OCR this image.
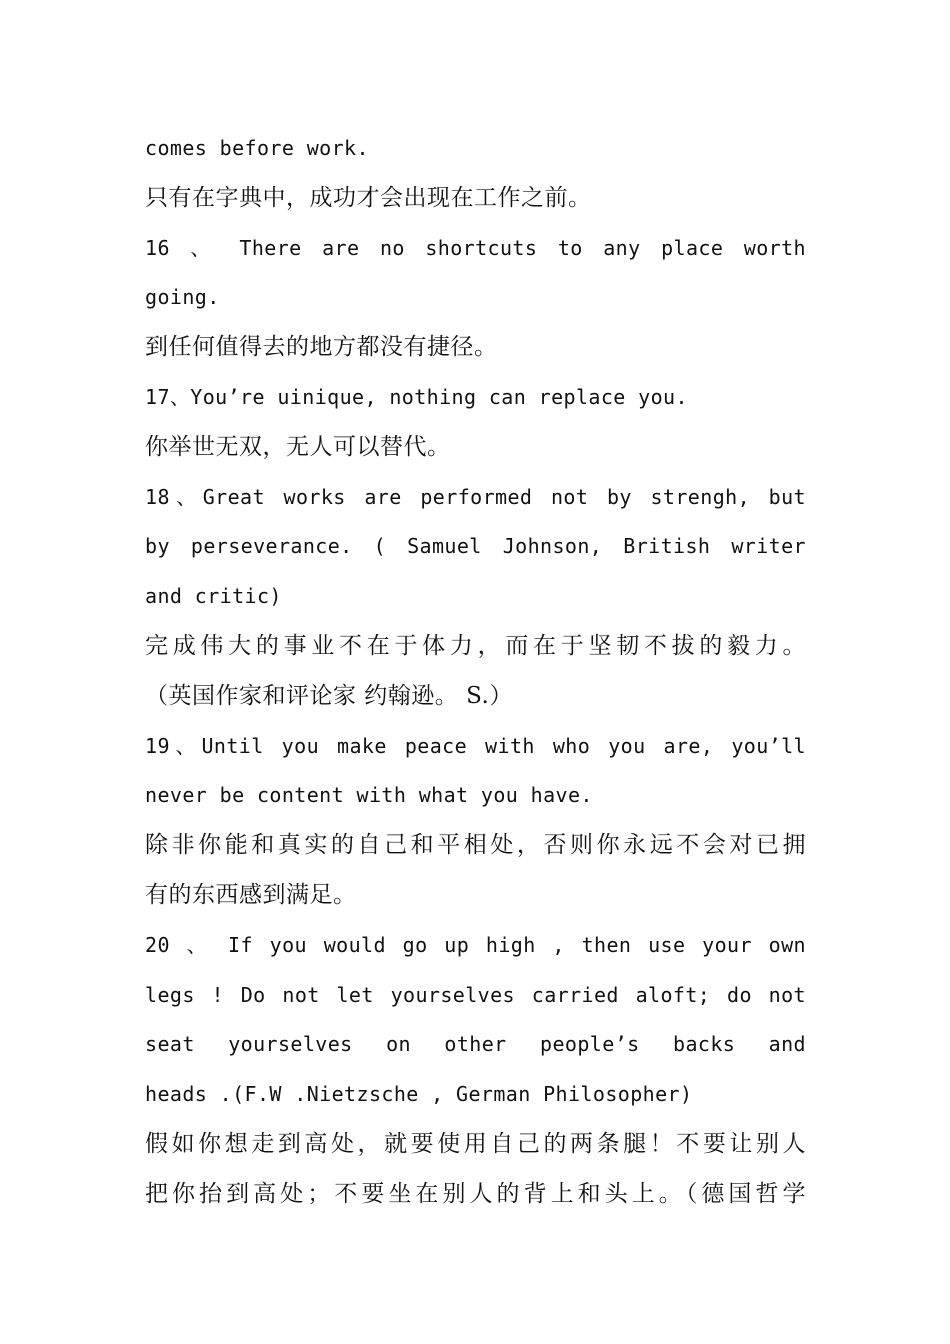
comes before work.
只有在字典中，成功才会出现在工作之前。
16 、 There are no shortcuts to any place worth
going.
到任何值得去的地方都没有捷径。
17、You’re uinique, nothing can replace you.
你举世无双，无人可以替代。
18、Great works are performed not by strengh, but
by perseverance. ( Samuel Johnson, British writer
and critic)
完成伟大的事业不在于体力，而在于坚韧不拔的毅力。
（英国作家和评论家 约翰逊。 S.）
19、Until you make peace with who you are, you’ll
never be content with what you have.
除非你能和真实的自己和平相处，否则你永远不会对已拥
有的东西感到满足。
20 、 If you would go up high , then use your own
legs ! Do not let yourselves carried aloft; do not
seat yourselves on other people’s backs and
heads .(F.W .Nietzsche , German Philosopher)
假如你想走到高处，就要使用自己的两条腿！不要让别人
把你抬到高处；不要坐在别人的背上和头上。（德国哲学
